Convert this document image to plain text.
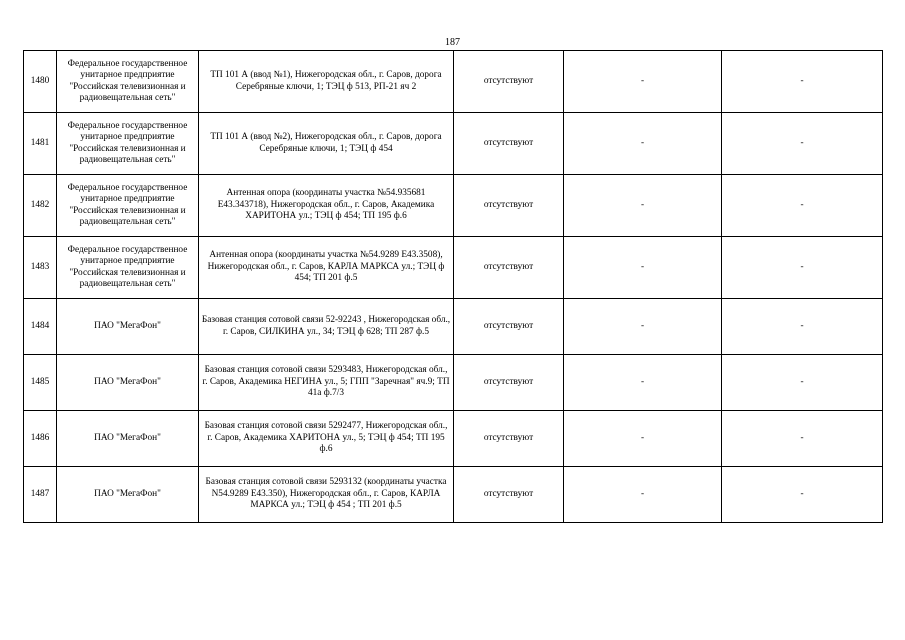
187
1480	Федеральное государственное унитарное предприятие "Российская телевизионная и радиовещательная сеть"	ТП 101 А (ввод №1), Нижегородская обл., г. Саров, дорога Серебряные ключи, 1; ТЭЦ ф 513, РП-21 яч 2	отсутствуют	-	-
1481	Федеральное государственное унитарное предприятие "Российская телевизионная и радиовещательная сеть"	ТП 101 А (ввод №2), Нижегородская обл., г. Саров, дорога Серебряные ключи, 1; ТЭЦ ф 454	отсутствуют	-	-
1482	Федеральное государственное унитарное предприятие "Российская телевизионная и радиовещательная сеть"	Антенная опора (координаты участка №54.935681 Е43.343718), Нижегородская обл., г. Саров, Академика ХАРИТОНА ул.; ТЭЦ ф 454; ТП 195 ф.6	отсутствуют	-	-
1483	Федеральное государственное унитарное предприятие "Российская телевизионная и радиовещательная сеть"	Антенная опора (координаты участка №54.9289 Е43.3508), Нижегородская обл., г. Саров, КАРЛА МАРКСА ул.; ТЭЦ ф 454; ТП 201 ф.5	отсутствуют	-	-
1484	ПАО "МегаФон"	Базовая станция сотовой связи 52-92243 , Нижегородская обл., г. Саров, СИЛКИНА ул., 34; ТЭЦ ф 628; ТП 287 ф.5	отсутствуют	-	-
1485	ПАО "МегаФон"	Базовая станция сотовой связи 5293483, Нижегородская обл., г. Саров, Академика НЕГИНА ул., 5; ГПП "Заречная" яч.9; ТП 41а ф.7/3	отсутствуют	-	-
1486	ПАО "МегаФон"	Базовая станция сотовой связи 5292477, Нижегородская обл., г. Саров, Академика ХАРИТОНА ул., 5; ТЭЦ ф 454; ТП 195 ф.6	отсутствуют	-	-
1487	ПАО "МегаФон"	Базовая станция сотовой связи 5293132 (координаты участка N54.9289 Е43.350), Нижегородская обл., г. Саров, КАРЛА МАРКСА ул.; ТЭЦ ф 454 ; ТП 201 ф.5	отсутствуют	-	-
